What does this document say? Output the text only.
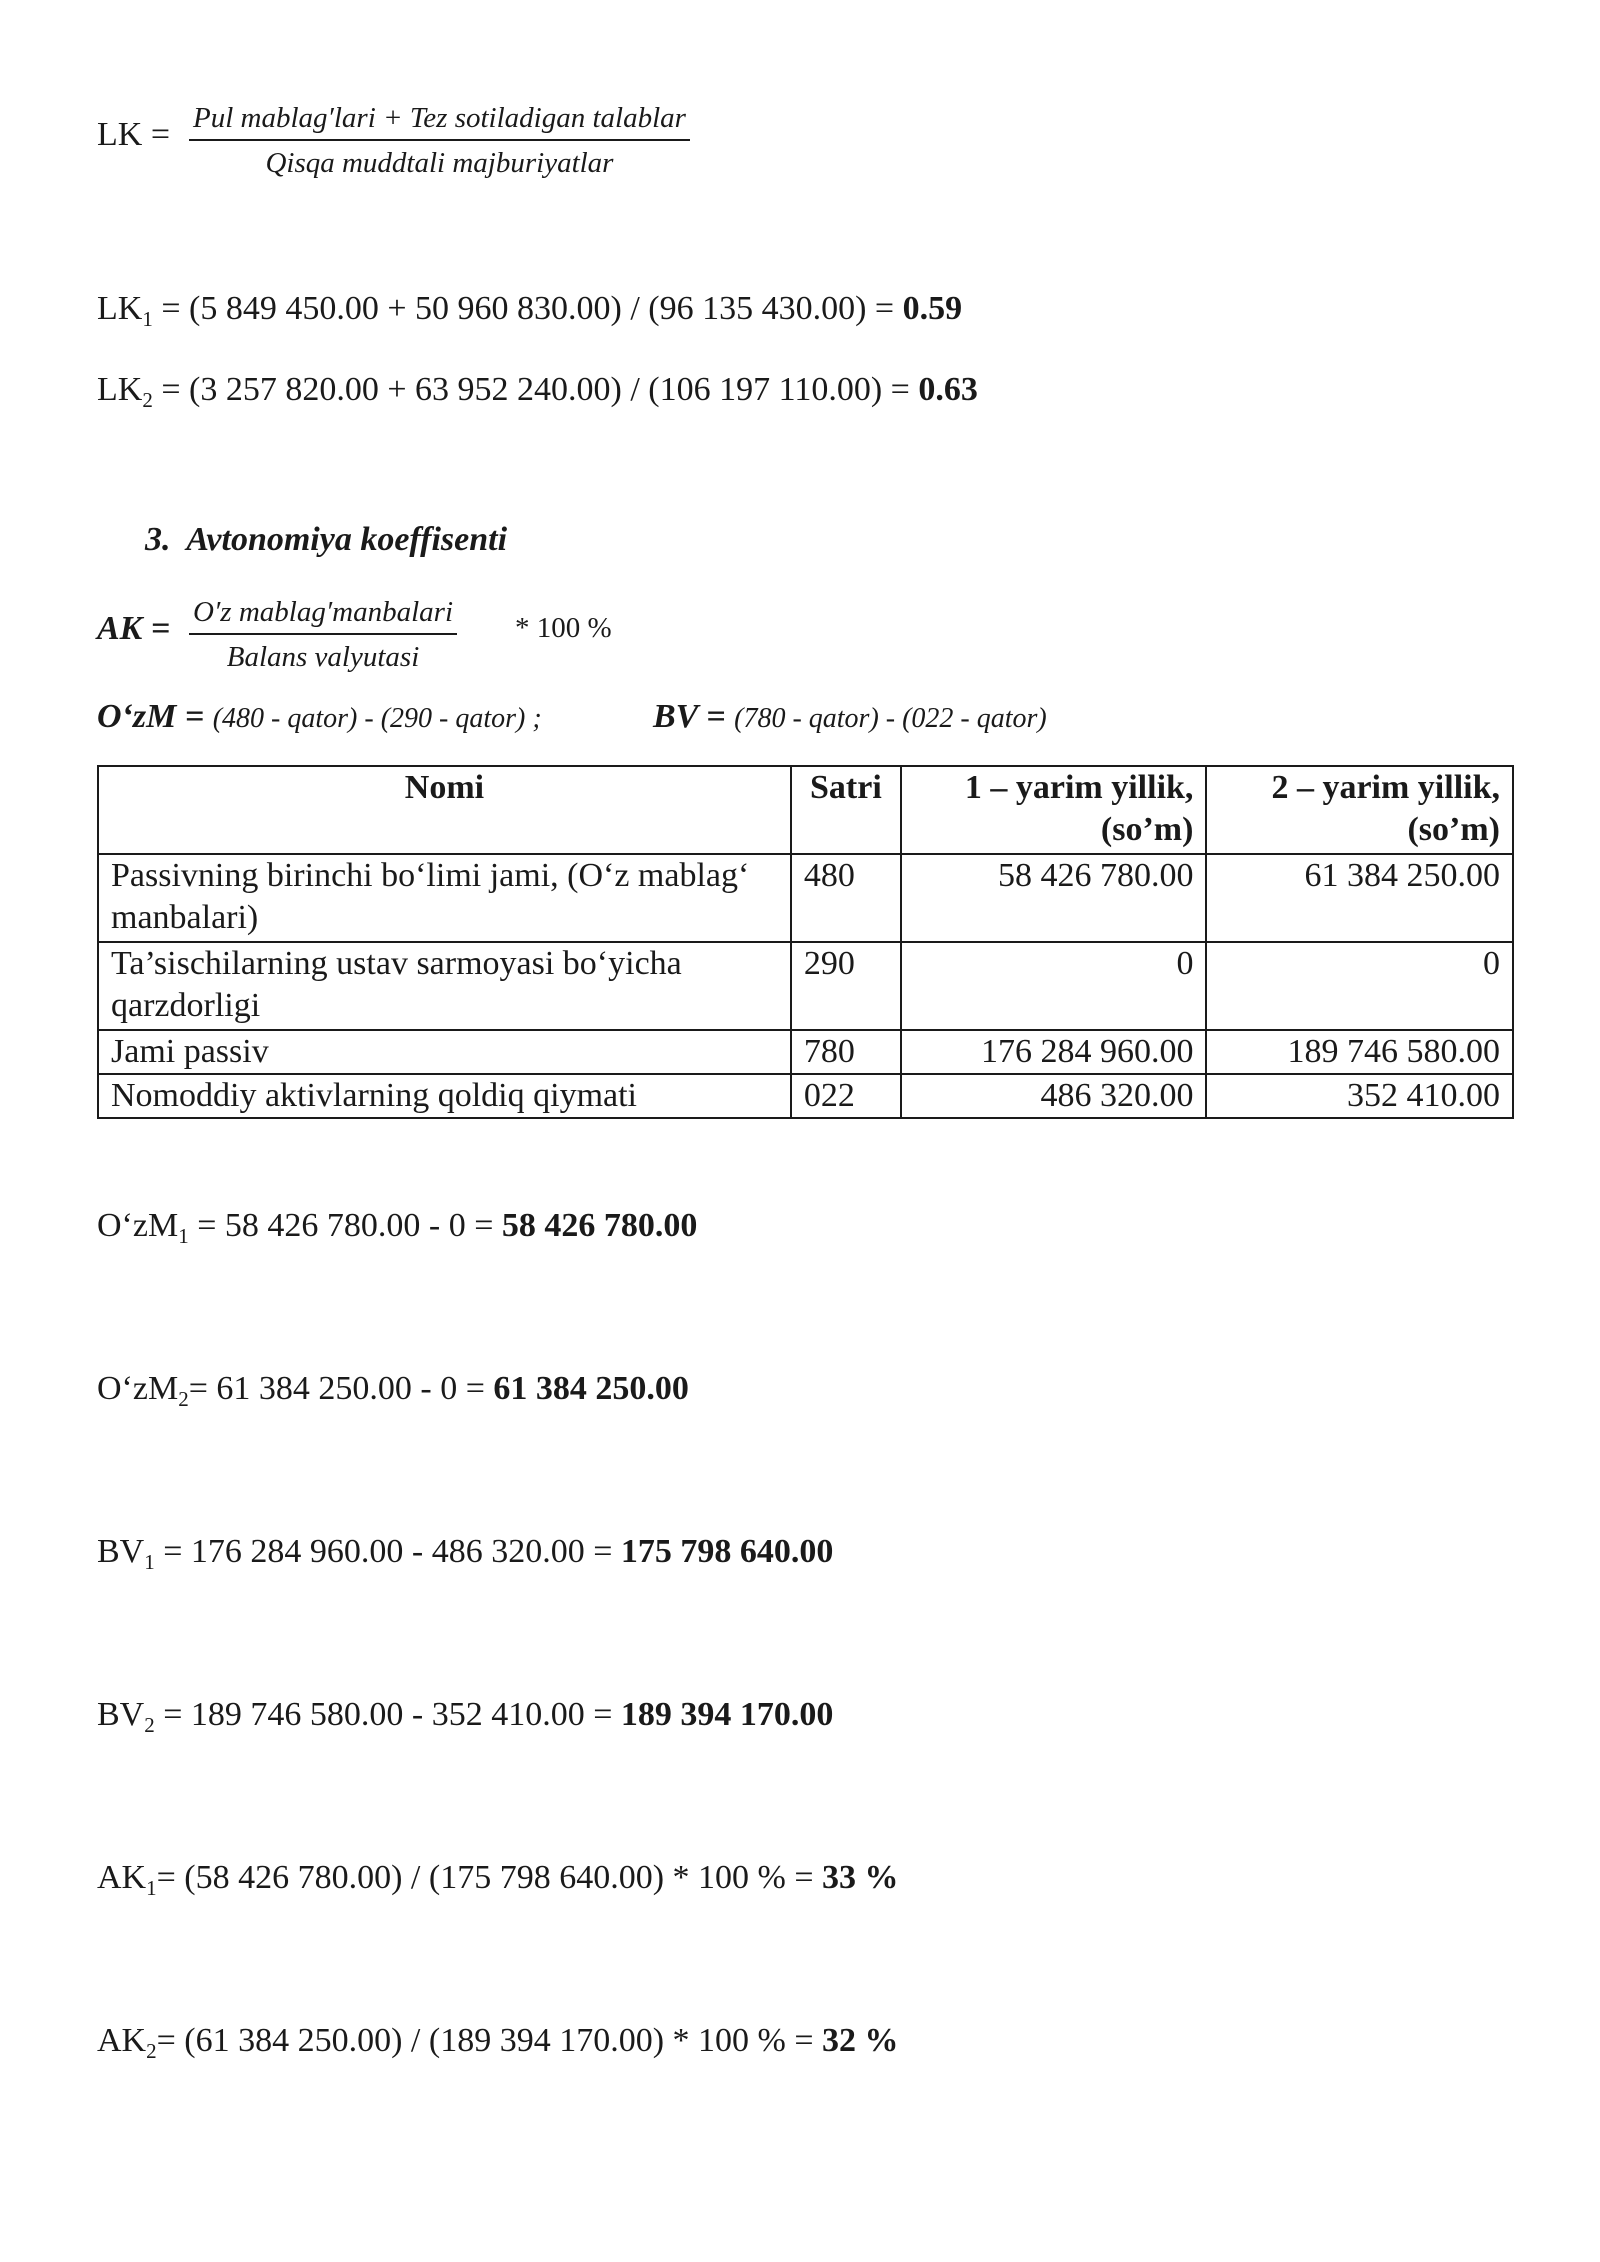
LK = Pul mablag′lari + Tez sotiladigan talablar
Qisqa muddtali majburiyatlar
$LK_1 = (5$ 849 450.00 + 50 960 830.00) / (96 135 430.00) = 0.59
$LK_2 = (3$ 257 820.00 + 63 952 240.00) / (106 197 110.00) = 0.63
3. Avtonomiya koeffisenti
AK = O′z mablag′manbalari
Balans valyutasi
* 100 %
O‘zM = (480 - qator) - (290 - qator) ;	BV = (780 - qator) - (022 - qator)
Nomi	Satri	1 – yarim yillik, (so’m)	2 – yarim yillik, (so’m)
Passivning birinchi bo‘limi jami, (O‘z mablag‘ manbalari)	480	58 426 780.00	61 384 250.00
Ta’sischilarning ustav sarmoyasi bo‘yicha qarzdorligi	290	0	0
Jami passiv	780	176 284 960.00	189 746 580.00
Nomoddiy aktivlarning qoldiq qiymati	022	486 320.00	352 410.00
$O‘zM_1 = 58$ 426 780.00 - 0 = 58 426 780.00
$O‘zM_2= 61$ 384 250.00 - 0 = 61 384 250.00
$BV_1 = 176$ 284 960.00 - 486 320.00 = 175 798 640.00
$BV_2 = 189$ 746 580.00 - 352 410.00 = 189 394 170.00
$AK_1= (58$ 426 780.00) / (175 798 640.00) * 100 % = 33 %
$AK_2= (61$ 384 250.00) / (189 394 170.00) * 100 % = 32 %
